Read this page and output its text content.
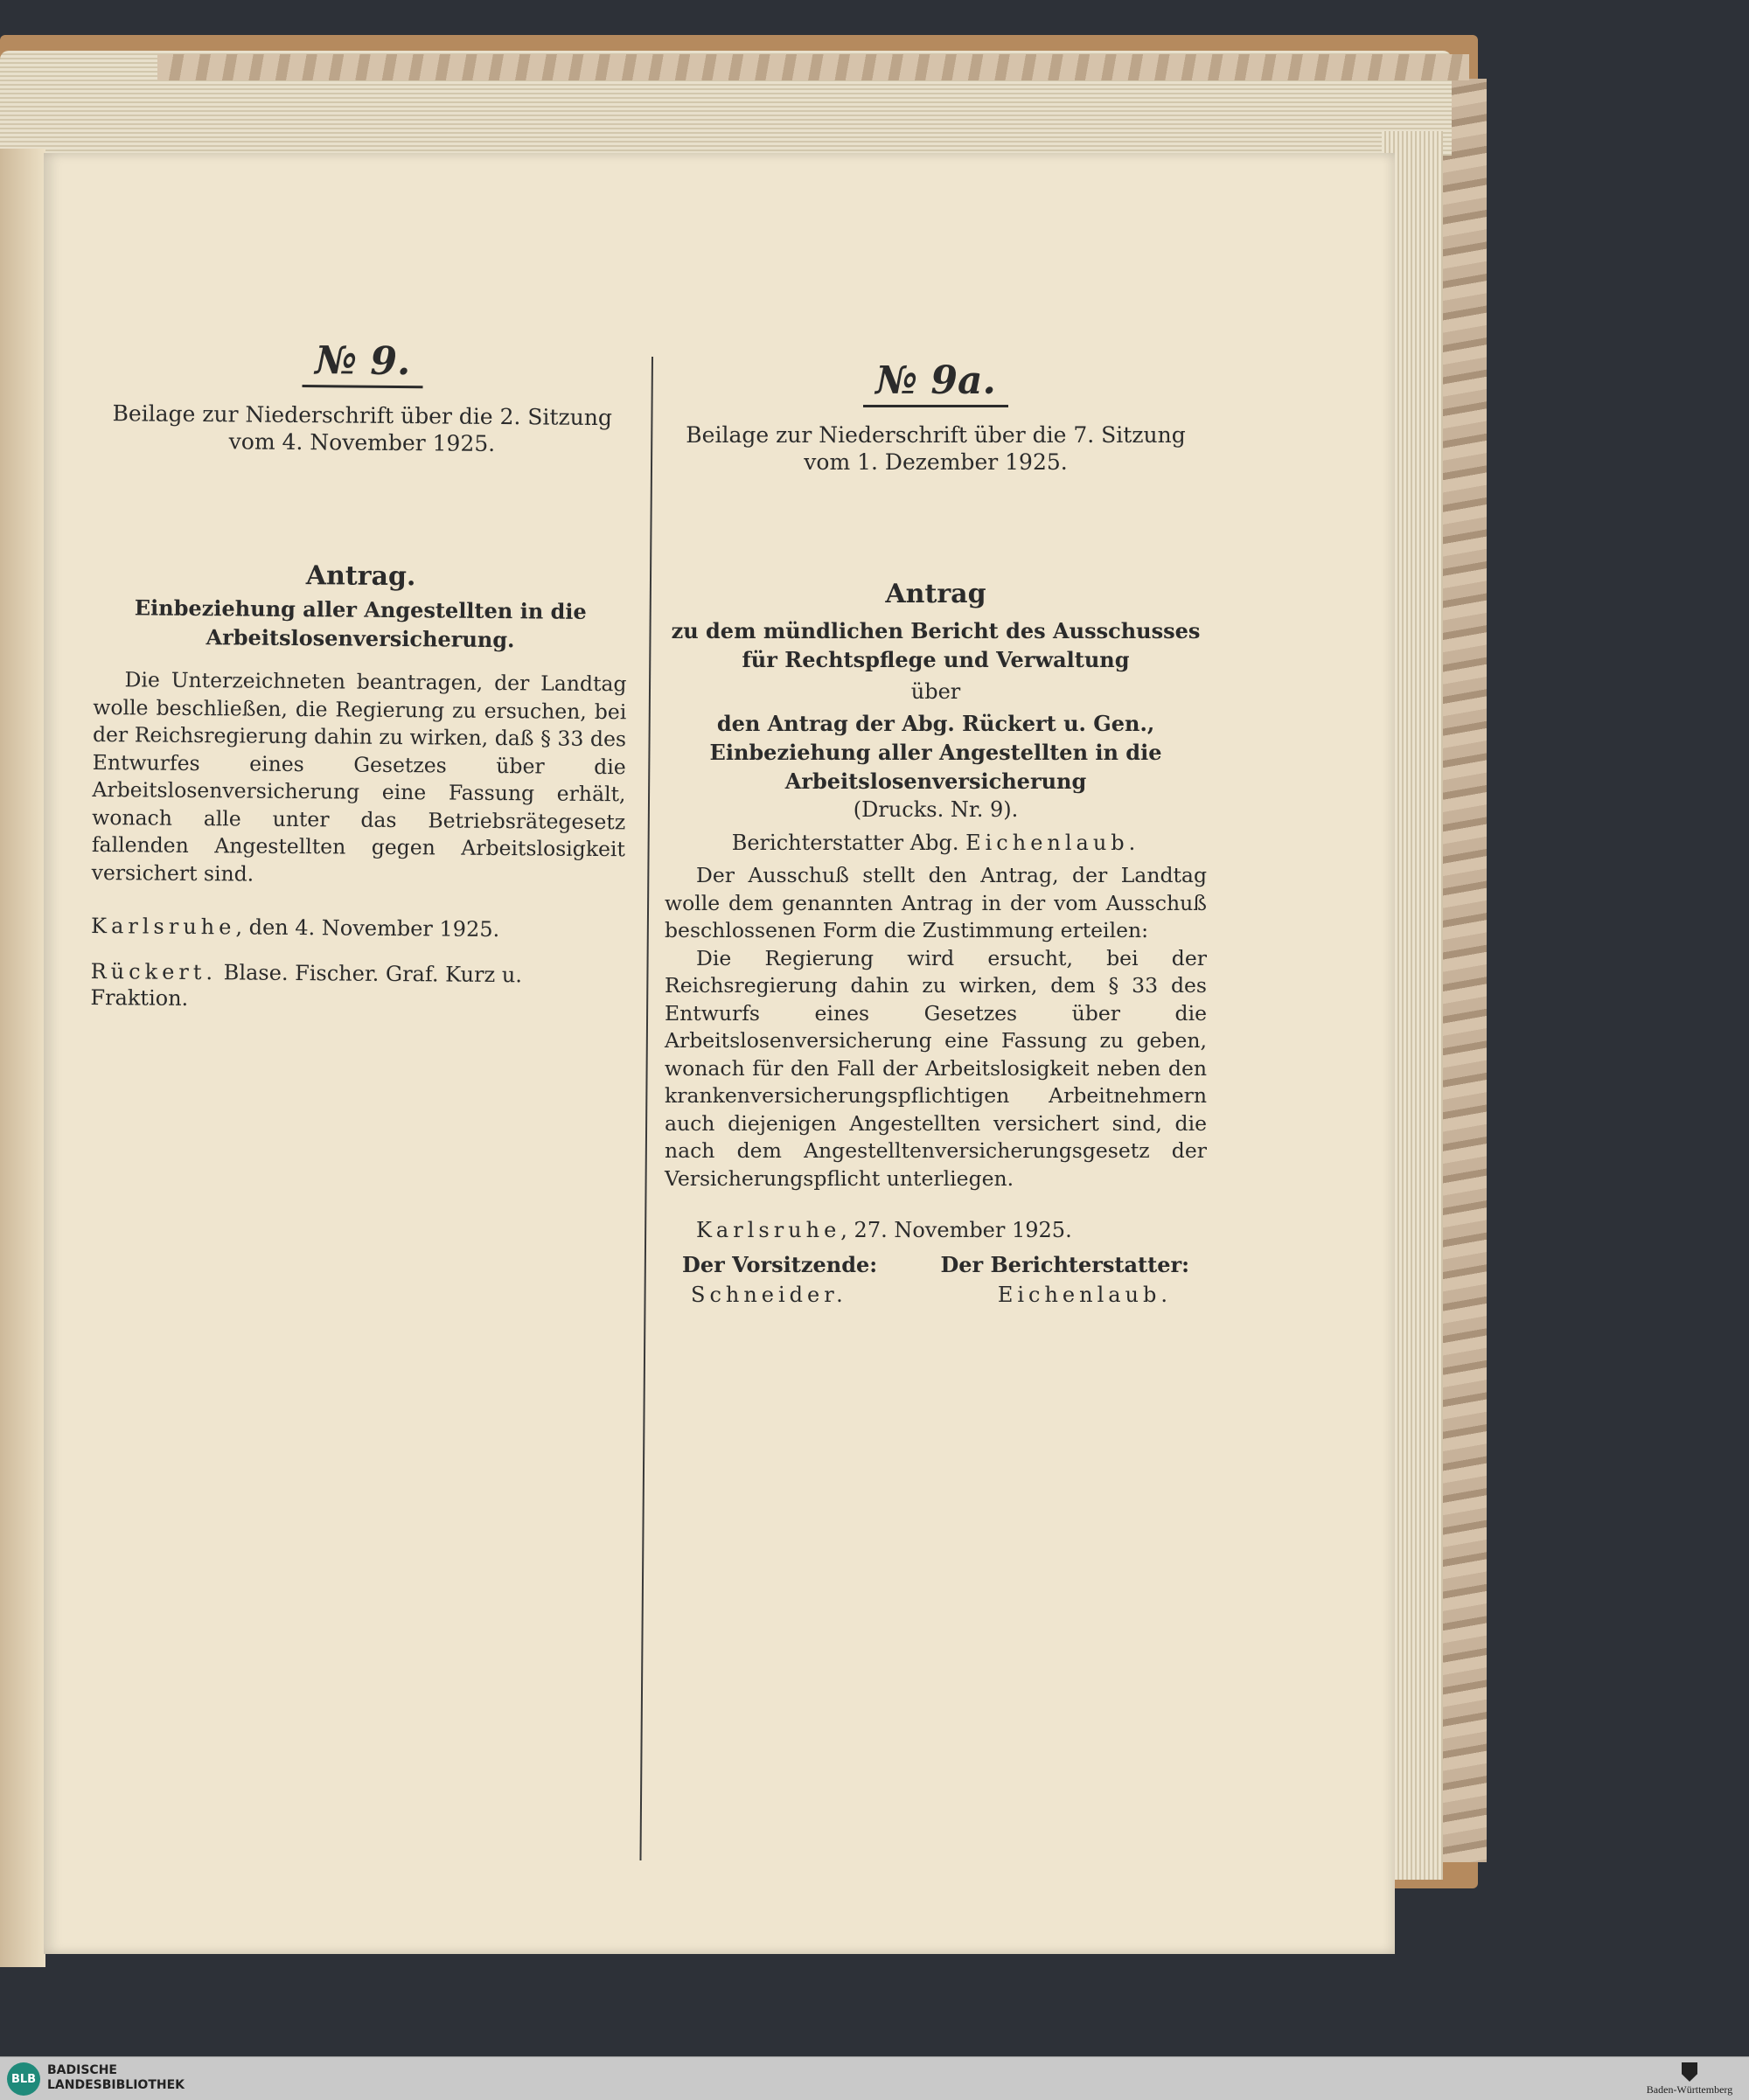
№ 9.
Beilage zur Niederschrift über die 2. Sitzung
vom 4. November 1925.
Antrag.
Einbeziehung aller Angestellten in die Arbeitslosenversicherung.

Die Unterzeichneten beantragen, der Landtag wolle beschließen, die Regierung zu ersuchen, bei der Reichsregierung dahin zu wirken, daß § 33 des Entwurfes eines Gesetzes über die Arbeitslosenversicherung eine Fassung erhält, wonach alle unter das Betriebsrätegesetz fallenden Angestellten gegen Arbeitslosigkeit versichert sind.

Karlsruhe, den 4. November 1925.
Rückert. Blase. Fischer. Graf. Kurz u. Fraktion.
№ 9a.
Beilage zur Niederschrift über die 7. Sitzung
vom 1. Dezember 1925.
Antrag
zu dem mündlichen Bericht des Ausschusses für Rechtspflege und Verwaltung
über
den Antrag der Abg. Rückert u. Gen., Einbeziehung aller Angestellten in die Arbeitslosenversicherung
(Drucks. Nr. 9).
Berichterstatter Abg. Eichenlaub.

Der Ausschuß stellt den Antrag, der Landtag wolle dem genannten Antrag in der vom Ausschuß beschlossenen Form die Zustimmung erteilen:

Die Regierung wird ersucht, bei der Reichsregierung dahin zu wirken, dem § 33 des Entwurfs eines Gesetzes über die Arbeitslosenversicherung eine Fassung zu geben, wonach für den Fall der Arbeitslosigkeit neben den krankenversicherungspflichtigen Arbeitnehmern auch diejenigen Angestellten versichert sind, die nach dem Angestelltenversicherungsgesetz der Versicherungspflicht unterliegen.

Karlsruhe, 27. November 1925.
Der Vorsitzende:	Der Berichterstatter:
Schneider.	Eichenlaub.
BLB
BADISCHE
LANDESBIBLIOTHEK	Baden-Württemberg
